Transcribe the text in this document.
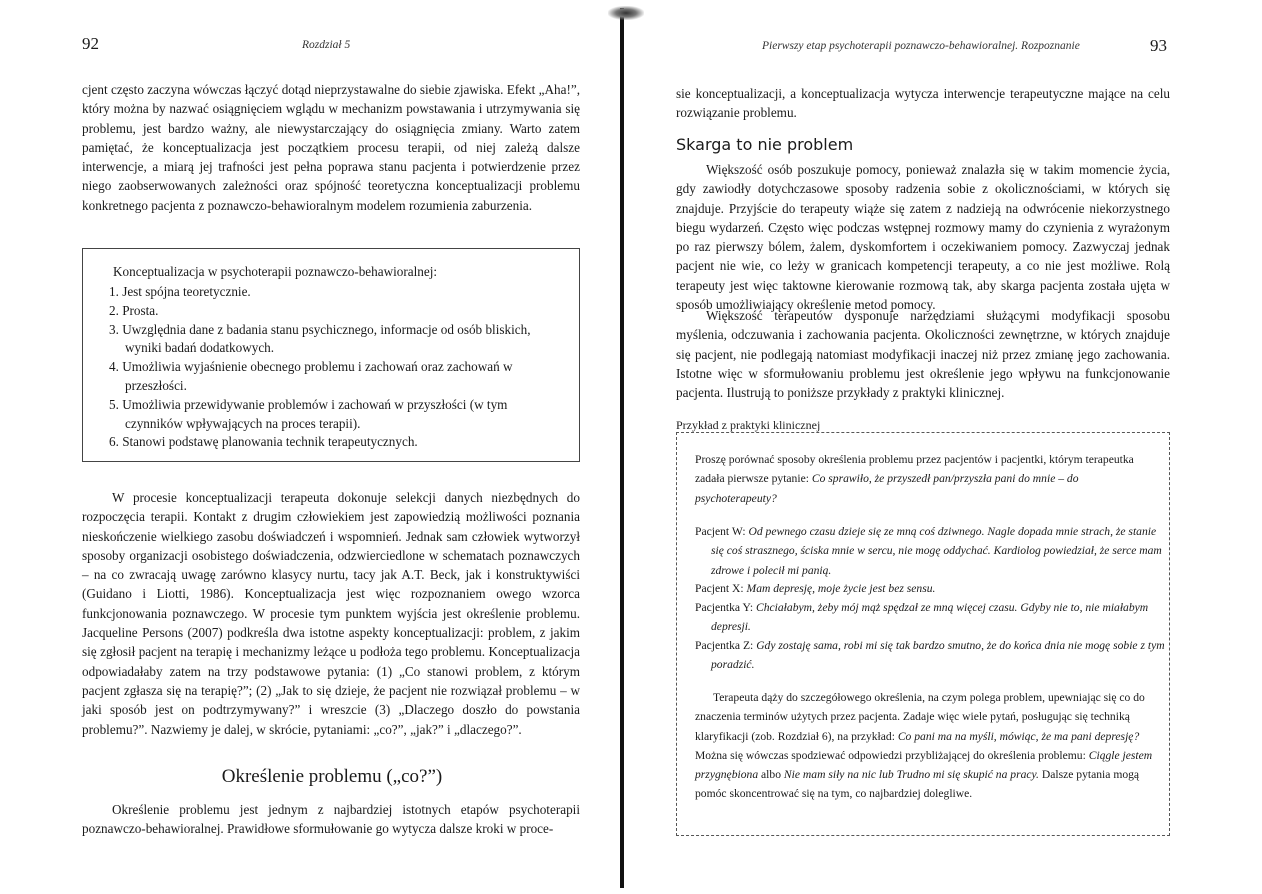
92	Rozdział 5

cjent często zaczyna wówczas łączyć dotąd nieprzystawalne do siebie zjawiska. Efekt „Aha!”, który można by nazwać osiągnięciem wglądu w mechanizm powstawania i utrzymywania się problemu, jest bardzo ważny, ale niewystarczający do osiągnięcia zmiany. Warto zatem pamiętać, że konceptualizacja jest początkiem procesu terapii, od niej zależą dalsze interwencje, a miarą jej trafności jest pełna poprawa stanu pacjenta i potwierdzenie przez niego zaobserwowanych zależności oraz spójność teoretyczna konceptualizacji problemu konkretnego pacjenta z poznawczo-behawioralnym modelem rozumienia zaburzenia.

Konceptualizacja w psychoterapii poznawczo-behawioralnej:
1. Jest spójna teoretycznie.
2. Prosta.
3. Uwzględnia dane z badania stanu psychicznego, informacje od osób bliskich, wyniki badań dodatkowych.
4. Umożliwia wyjaśnienie obecnego problemu i zachowań oraz zachowań w przeszłości.
5. Umożliwia przewidywanie problemów i zachowań w przyszłości (w tym czynników wpływających na proces terapii).
6. Stanowi podstawę planowania technik terapeutycznych.

W procesie konceptualizacji terapeuta dokonuje selekcji danych niezbędnych do rozpoczęcia terapii. Kontakt z drugim człowiekiem jest zapowiedzią możliwości poznania nieskończenie wielkiego zasobu doświadczeń i wspomnień. Jednak sam człowiek wytworzył sposoby organizacji osobistego doświadczenia, odzwierciedlone w schematach poznawczych – na co zwracają uwagę zarówno klasycy nurtu, tacy jak A.T. Beck, jak i konstruktywiści (Guidano i Liotti, 1986). Konceptualizacja jest więc rozpoznaniem owego wzorca funkcjonowania poznawczego. W procesie tym punktem wyjścia jest określenie problemu. Jacqueline Persons (2007) podkreśla dwa istotne aspekty konceptualizacji: problem, z jakim się zgłosił pacjent na terapię i mechanizmy leżące u podłoża tego problemu. Konceptualizacja odpowiadałaby zatem na trzy podstawowe pytania: (1) „Co stanowi problem, z którym pacjent zgłasza się na terapię?”; (2) „Jak to się dzieje, że pacjent nie rozwiązał problemu – w jaki sposób jest on podtrzymywany?” i wreszcie (3) „Dlaczego doszło do powstania problemu?”. Nazwiemy je dalej, w skrócie, pytaniami: „co?”, „jak?” i „dlaczego?”.

Określenie problemu („co?”)

Określenie problemu jest jednym z najbardziej istotnych etapów psychoterapii poznawczo-behawioralnej. Prawidłowe sformułowanie go wytycza dalsze kroki w proce-

Pierwszy etap psychoterapii poznawczo-behawioralnej. Rozpoznanie	93

sie konceptualizacji, a konceptualizacja wytycza interwencje terapeutyczne mające na celu rozwiązanie problemu.

Skarga to nie problem

Większość osób poszukuje pomocy, ponieważ znalazła się w takim momencie życia, gdy zawiodły dotychczasowe sposoby radzenia sobie z okolicznościami, w których się znajduje. Przyjście do terapeuty wiąże się zatem z nadzieją na odwrócenie niekorzystnego biegu wydarzeń. Często więc podczas wstępnej rozmowy mamy do czynienia z wyrażonym po raz pierwszy bólem, żalem, dyskomfortem i oczekiwaniem pomocy. Zazwyczaj jednak pacjent nie wie, co leży w granicach kompetencji terapeuty, a co nie jest możliwe. Rolą terapeuty jest więc taktowne kierowanie rozmową tak, aby skarga pacjenta została ujęta w sposób umożliwiający określenie metod pomocy.

Większość terapeutów dysponuje narzędziami służącymi modyfikacji sposobu myślenia, odczuwania i zachowania pacjenta. Okoliczności zewnętrzne, w których znajduje się pacjent, nie podlegają natomiast modyfikacji inaczej niż przez zmianę jego zachowania. Istotne więc w sformułowaniu problemu jest określenie jego wpływu na funkcjonowanie pacjenta. Ilustrują to poniższe przykłady z praktyki klinicznej.

Przykład z praktyki klinicznej

Proszę porównać sposoby określenia problemu przez pacjentów i pacjentki, którym terapeutka zadała pierwsze pytanie: Co sprawiło, że przyszedł pan/przyszła pani do mnie – do psychoterapeuty?

Pacjent W: Od pewnego czasu dzieje się ze mną coś dziwnego. Nagle dopada mnie strach, że stanie się coś strasznego, ściska mnie w sercu, nie mogę oddychać. Kardiolog powiedział, że serce mam zdrowe i polecił mi panią.

Pacjent X: Mam depresję, moje życie jest bez sensu.

Pacjentka Y: Chciałabym, żeby mój mąż spędzał ze mną więcej czasu. Gdyby nie to, nie miałabym depresji.

Pacjentka Z: Gdy zostaję sama, robi mi się tak bardzo smutno, że do końca dnia nie mogę sobie z tym poradzić.

Terapeuta dąży do szczegółowego określenia, na czym polega problem, upewniając się co do znaczenia terminów użytych przez pacjenta. Zadaje więc wiele pytań, posługując się techniką klaryfikacji (zob. Rozdział 6), na przykład: Co pani ma na myśli, mówiąc, że ma pani depresję? Można się wówczas spodziewać odpowiedzi przybliżającej do określenia problemu: Ciągle jestem przygnębiona albo Nie mam siły na nic lub Trudno mi się skupić na pracy. Dalsze pytania mogą pomóc skoncentrować się na tym, co najbardziej dolegliwe.
